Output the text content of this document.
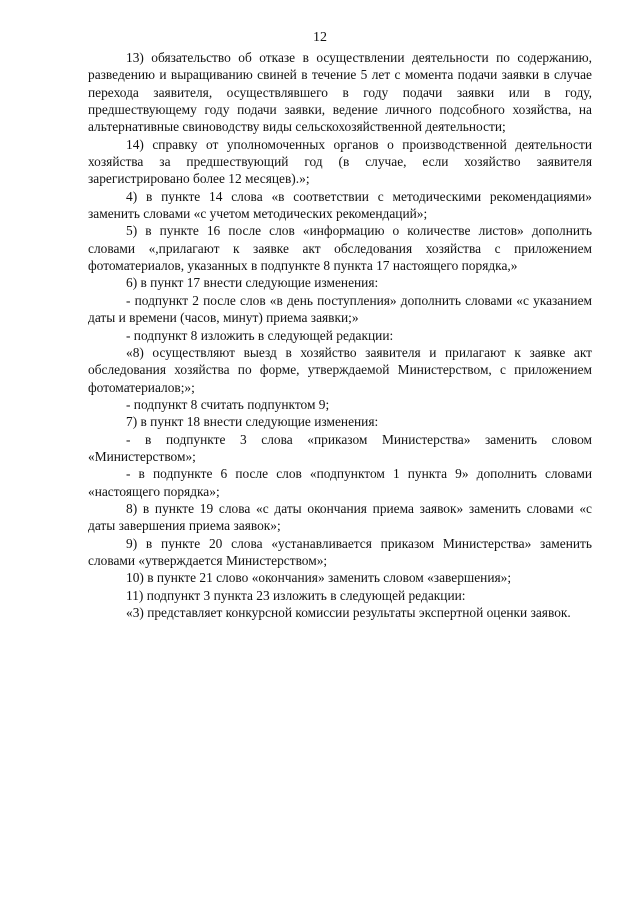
12

13) обязательство об отказе в осуществлении деятельности по содержанию, разведению и выращиванию свиней в течение 5 лет с момента подачи заявки в случае перехода заявителя, осуществлявшего в году подачи заявки или в году, предшествующему году подачи заявки, ведение личного подсобного хозяйства, на альтернативные свиноводству виды сельскохозяйственной деятельности;

14) справку от уполномоченных органов о производственной деятельности хозяйства за предшествующий год (в случае, если хозяйство заявителя зарегистрировано более 12 месяцев).»;

4) в пункте 14 слова «в соответствии с методическими рекомендациями» заменить словами «с учетом методических рекомендаций»;

5) в пункте 16 после слов «информацию о количестве листов» дополнить словами «,прилагают к заявке акт обследования хозяйства с приложением фотоматериалов, указанных в подпункте 8 пункта 17 настоящего порядка,»

6) в пункт 17 внести следующие изменения:

- подпункт 2 после слов «в день поступления» дополнить словами «с указанием даты и времени (часов, минут) приема заявки;»

- подпункт 8 изложить в следующей редакции:

«8) осуществляют выезд в хозяйство заявителя и прилагают к заявке акт обследования хозяйства по форме, утверждаемой Министерством, с приложением фотоматериалов;»;

- подпункт 8 считать подпунктом 9;

7) в пункт 18 внести следующие изменения:

- в подпункте 3 слова «приказом Министерства» заменить словом «Министерством»;

- в подпункте 6 после слов «подпунктом 1 пункта 9» дополнить словами «настоящего порядка»;

8) в пункте 19 слова «с даты окончания приема заявок» заменить словами «с даты завершения приема заявок»;

9) в пункте 20 слова «устанавливается приказом Министерства» заменить словами «утверждается Министерством»;

10) в пункте 21 слово «окончания» заменить словом «завершения»;

11) подпункт 3 пункта 23 изложить в следующей редакции:

«3) представляет конкурсной комиссии результаты экспертной оценки заявок.
